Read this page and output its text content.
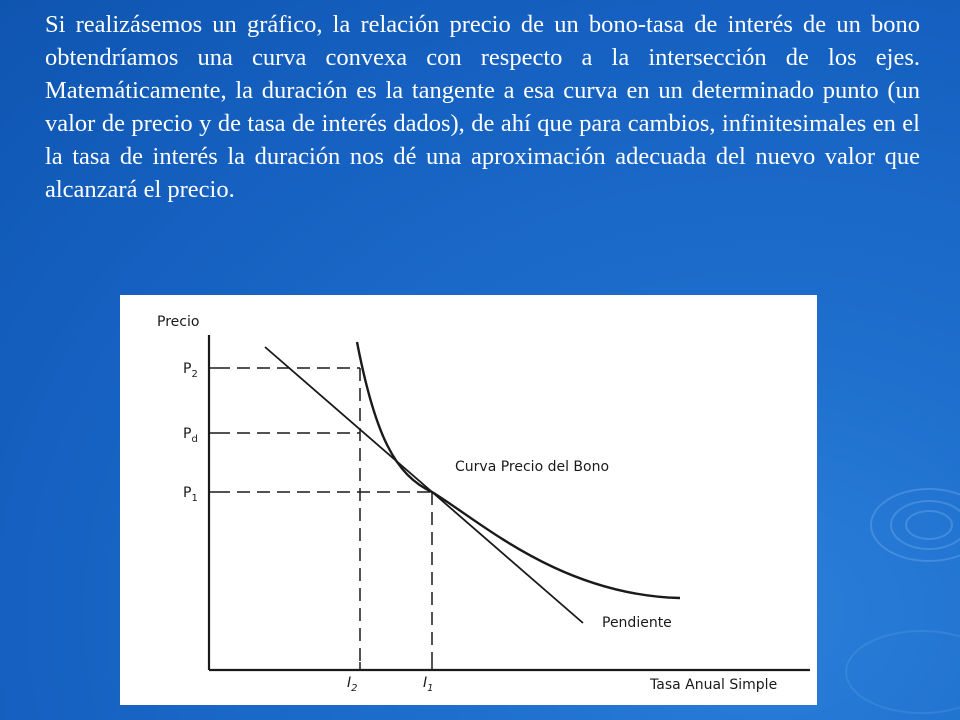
Si realizásemos un gráfico, la relación precio de un bono-tasa de interés de un bono obtendríamos una curva convexa con respecto a la intersección de los ejes. Matemáticamente, la duración es la tangente a esa curva en un determinado punto (un valor de precio y de tasa de interés dados), de ahí que para cambios, infinitesimales en el la tasa de interés la duración nos dé una aproximación adecuada del nuevo valor que alcanzará el precio.

Precio
Tasa Anual Simple
$P_2$
$P_d$
$P_1$
$I_2$	$I_1$
Curva Precio del Bono
Pendiente
